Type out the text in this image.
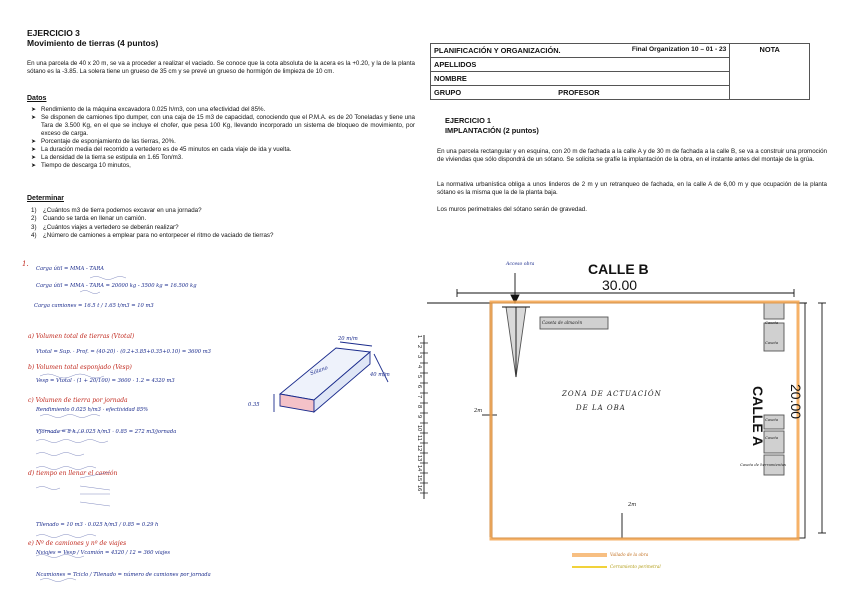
EJERCICIO 3
Movimiento de tierras (4 puntos)
En una parcela de 40 x 20 m, se va a proceder a realizar el vaciado. Se conoce que la cota absoluta de la acera es la +0.20, y la de la planta sótano es la -3.85. La solera tiene un grueso de 35 cm y se prevé un grueso de hormigón de limpieza de 10 cm.
Datos
➤ Rendimiento de la máquina excavadora 0.025 h/m3, con una efectividad del 85%.
➤ Se disponen de camiones tipo dumper, con una caja de 15 m3 de capacidad, conociendo que el P.M.A. es de 20 Toneladas y tiene una Tara de 3.500 Kg, en el que se incluye el chofer, que pesa 100 Kg, llevando incorporado un sistema de bloqueo de movimiento, por exceso de carga.
➤ Porcentaje de esponjamiento de las tierras, 20%.
➤ La duración media del recorrido a vertedero es de 45 minutos en cada viaje de ida y vuelta.
➤ La densidad de la tierra se estipula en 1.65 Ton/m3.
➤ Tiempo de descarga 10 minutos,
Determinar
1) ¿Cuántos m3 de tierra podemos excavar en una jornada?
2) Cuando se tarda en llenar un camión.
3) ¿Cuántos viajes a vertedero se deberán realizar?
4) ¿Número de camiones a emplear para no entorpecer el ritmo de vaciado de tierras?
1.
Carga útil = MMA - TARA
Carga útil = MMA - TARA = 20000 kg - 3500 kg = 16.500 kg
Carga camiones = 16.5 t / 1.65 t/m3 = 10 m3
a) Volumen total de tierras (Vtotal)
Vtotal = Sup. · Prof. = (40·20) · (0.2+3.85+0.35+0.10) = 3600 m3
b) Volumen total esponjado (Vesp)
Vesp = Vtotal · (1 + 20/100) = 3600 · 1.2 = 4320 m3
c) Volumen de tierra por jornada
Rendimiento 0.025 h/m3 · efectividad 85%
Vjornada = 8 h / 0.025 h/m3 · 0.85 = 272 m3/jornada
d) tiempo en llenar el camión
Tllenado = 10 m3 · 0.025 h/m3 / 0.85 = 0.29 h
e) Nº de camiones y nº de viajes
Nviajes = Vesp / Vcamión = 4320 / 12 = 360 viajes
Ncamiones = Tciclo / Tllenado = número de camiones por jornada
20 m/m
Sótano	40 m/m
0.35
PLANIFICACIÓN Y ORGANIZACIÓN.	Final Organization 10 – 01 - 23	NOTA
APELLIDOS
NOMBRE
GRUPO	PROFESOR
EJERCICIO 1
IMPLANTACIÓN (2 puntos)
En una parcela rectangular y en esquina, con 20 m de fachada a la calle A y de 30 m de fachada a la calle B, se va a construir una promoción de viviendas que sólo dispondrá de un sótano. Se solicita se grafíe la implantación de la obra, en el instante antes del montaje de la grúa.
La normativa urbanística obliga a unos linderos de 2 m y un retranqueo de fachada, en la calle A de 6,00 m y que ocupación de la planta sótano es la misma que la de la planta baja.
Los muros perimetrales del sótano serán de gravedad.
CALLE B
30.00
CALLE A 20.00
Acceso obra
ZONA DE ACTUACIÓN
DE LA OBA
2m
2m
Caseta de almacén	Caseta
Caseta
Caseta
Caseta
Caseta de herramientas
Vallado de la obra
Cerramiento perimetral
1
2
3
4
5
6
7
8
9
10
11
12
13
14
15
16
